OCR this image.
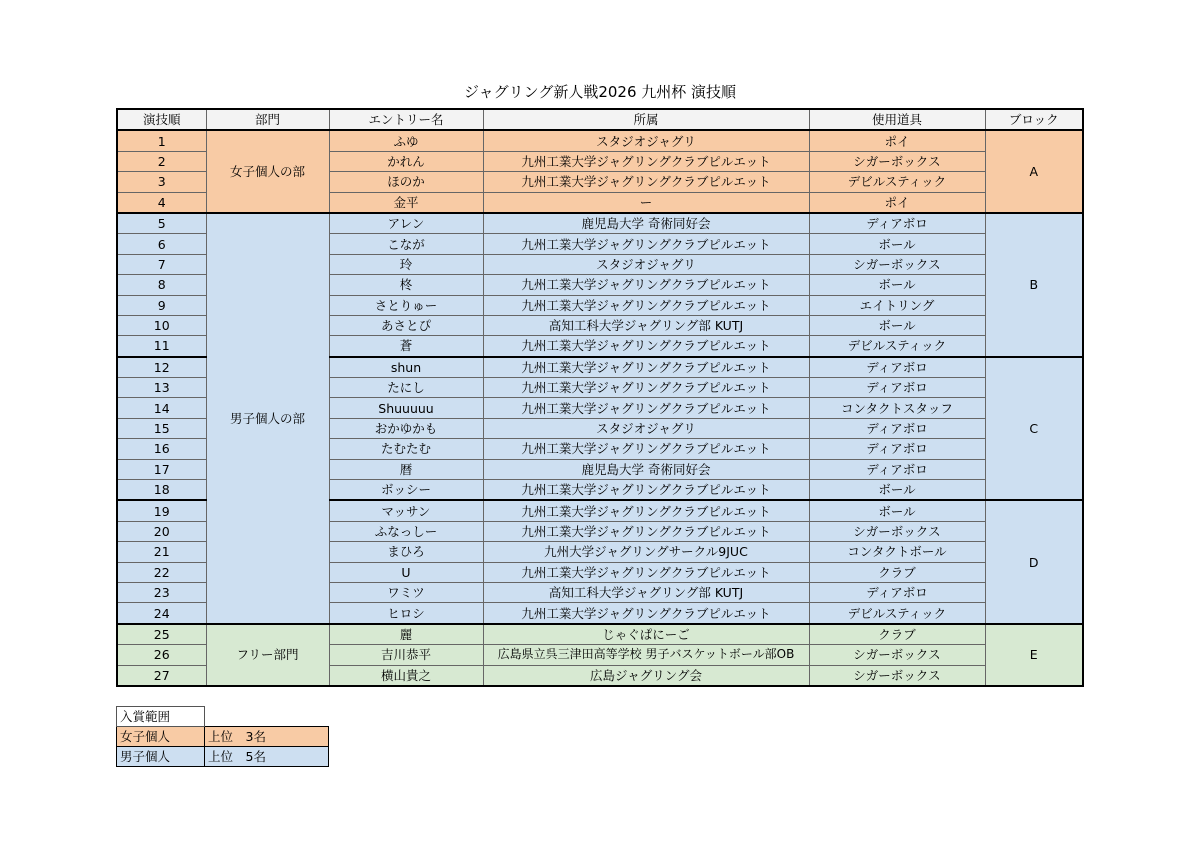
ジャグリング新人戦2026 九州杯 演技順
演技順	部門	エントリー名	所属	使用道具	ブロック
1	女子個人の部	ふゆ	スタジオジャグリ	ポイ	A
2		かれん	九州工業大学ジャグリングクラブピルエット	シガーボックス	
3		ほのか	九州工業大学ジャグリングクラブピルエット	デビルスティック	
4		金平	ー	ポイ	
5	男子個人の部	アレン	鹿児島大学 奇術同好会	ディアボロ	B
6		こなが	九州工業大学ジャグリングクラブピルエット	ボール	
7		玲	スタジオジャグリ	シガーボックス	
8		柊	九州工業大学ジャグリングクラブピルエット	ボール	
9		さとりゅー	九州工業大学ジャグリングクラブピルエット	エイトリング	
10		あさとぴ	高知工科大学ジャグリング部 KUTJ	ボール	
11		蒼	九州工業大学ジャグリングクラブピルエット	デビルスティック	
12		shun	九州工業大学ジャグリングクラブピルエット	ディアボロ	C
13		たにし	九州工業大学ジャグリングクラブピルエット	ディアボロ	
14		Shuuuuu	九州工業大学ジャグリングクラブピルエット	コンタクトスタッフ	
15		おかゆかも	スタジオジャグリ	ディアボロ	
16		たむたむ	九州工業大学ジャグリングクラブピルエット	ディアボロ	
17		暦	鹿児島大学 奇術同好会	ディアボロ	
18		ボッシー	九州工業大学ジャグリングクラブピルエット	ボール	
19		マッサン	九州工業大学ジャグリングクラブピルエット	ボール	D
20		ふなっしー	九州工業大学ジャグリングクラブピルエット	シガーボックス	
21		まひろ	九州大学ジャグリングサークル9JUC	コンタクトボール	
22		U	九州工業大学ジャグリングクラブピルエット	クラブ	
23		ワミツ	高知工科大学ジャグリング部 KUTJ	ディアボロ	
24		ヒロシ	九州工業大学ジャグリングクラブピルエット	デビルスティック	
25	フリー部門	麗	じゃぐぱにーご	クラブ	E
26		吉川恭平	広島県立呉三津田高等学校 男子バスケットボール部OB	シガーボックス	
27		横山貴之	広島ジャグリング会	シガーボックス	
入賞範囲	
女子個人	上位　3名
男子個人	上位　5名
